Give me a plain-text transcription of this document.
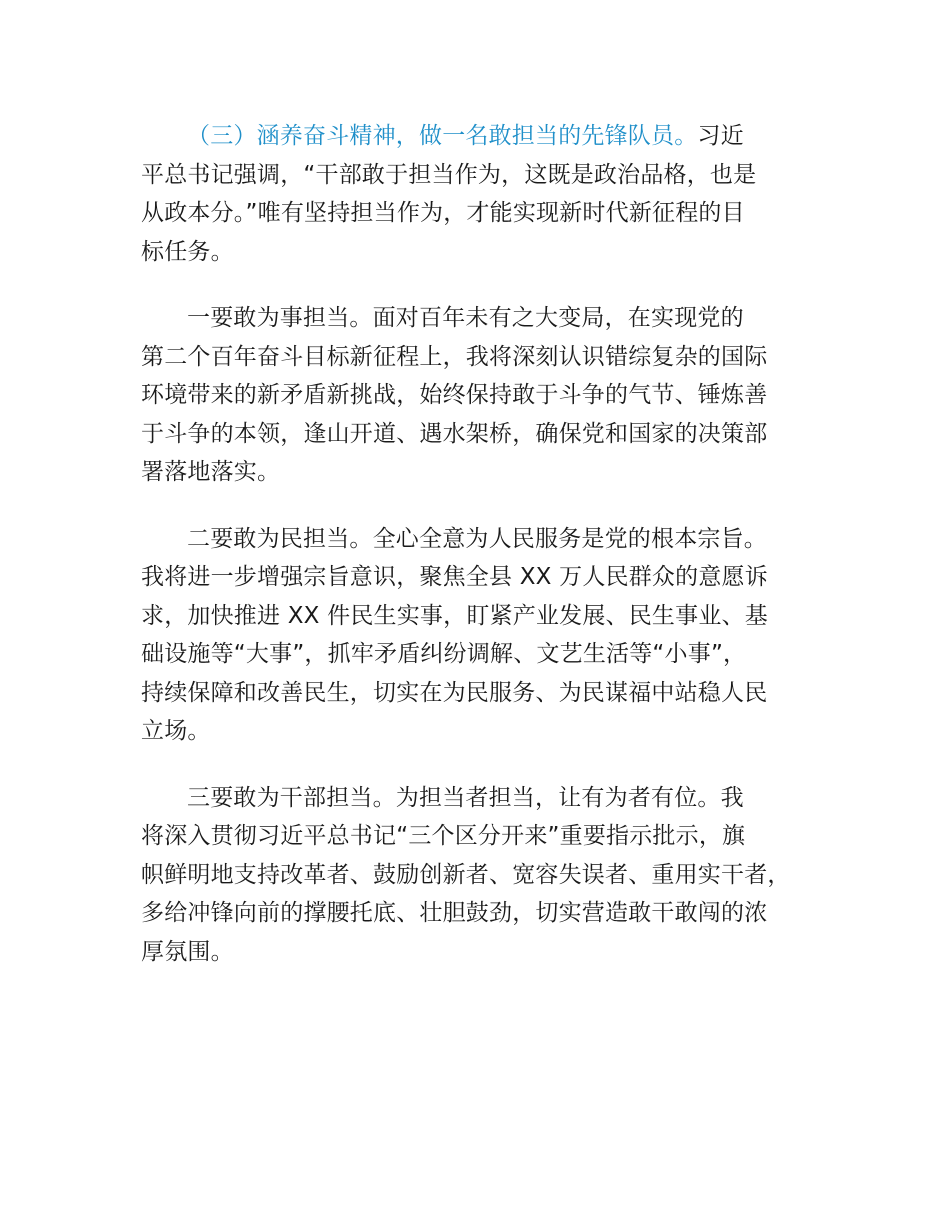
（三）涵养奋斗精神，做一名敢担当的先锋队员。习近
平总书记强调，“干部敢于担当作为，这既是政治品格，也是
从政本分。”唯有坚持担当作为，才能实现新时代新征程的目
标任务。
一要敢为事担当。面对百年未有之大变局，在实现党的
第二个百年奋斗目标新征程上，我将深刻认识错综复杂的国际
环境带来的新矛盾新挑战，始终保持敢于斗争的气节、锤炼善
于斗争的本领，逢山开道、遇水架桥，确保党和国家的决策部
署落地落实。
二要敢为民担当。全心全意为人民服务是党的根本宗旨。
我将进一步增强宗旨意识，聚焦全县 XX 万人民群众的意愿诉
求，加快推进 XX 件民生实事，盯紧产业发展、民生事业、基
础设施等“大事”，抓牢矛盾纠纷调解、文艺生活等“小事”，
持续保障和改善民生，切实在为民服务、为民谋福中站稳人民
立场。
三要敢为干部担当。为担当者担当，让有为者有位。我
将深入贯彻习近平总书记“三个区分开来”重要指示批示，旗
帜鲜明地支持改革者、鼓励创新者、宽容失误者、重用实干者，
多给冲锋向前的撑腰托底、壮胆鼓劲，切实营造敢干敢闯的浓
厚氛围。
